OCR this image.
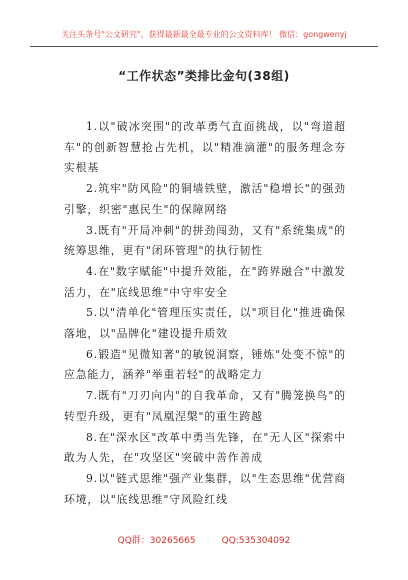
关注头条号"公文研究"，获得最新最全最专业的公文资料库！ 微信：gongwenyj
“工作状态”类排比金句(38组)

1.以"破冰突围"的改革勇气直面挑战，以"弯道超车"的创新智慧抢占先机，以"精准滴灌"的服务理念夯实根基

2.筑牢"防风险"的铜墙铁壁，激活"稳增长"的强劲引擎，织密"惠民生"的保障网络

3.既有"开局冲刺"的拼劲闯劲，又有"系统集成"的统筹思维，更有"闭环管理"的执行韧性

4.在"数字赋能"中提升效能，在"跨界融合"中激发活力，在"底线思维"中守牢安全

5.以"清单化"管理压实责任，以"项目化"推进确保落地，以"品牌化"建设提升质效

6.锻造"见微知著"的敏锐洞察，锤炼"处变不惊"的应急能力，涵养"举重若轻"的战略定力

7.既有"刀刃向内"的自我革命，又有"腾笼换鸟"的转型升级，更有"凤凰涅槃"的重生跨越

8.在"深水区"改革中勇当先锋，在"无人区"探索中敢为人先，在"攻坚区"突破中善作善成

9.以"链式思维"强产业集群，以"生态思维"优营商环境，以"底线思维"守风险红线

QQ群：30265665	QQ:535304092
